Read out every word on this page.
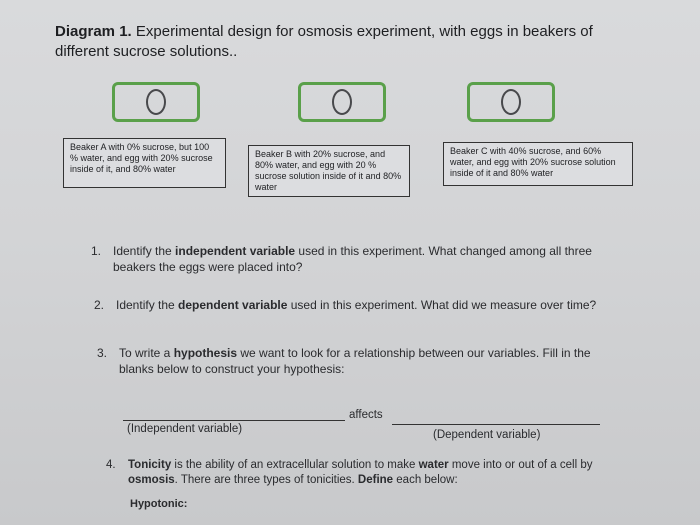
Diagram 1. Experimental design for osmosis experiment, with eggs in beakers of different sucrose solutions..
Beaker A with 0% sucrose, but 100 % water, and egg with 20% sucrose inside of it, and 80% water
Beaker B with 20% sucrose, and 80% water, and egg with 20 % sucrose solution inside of it and 80% water
Beaker C with 40% sucrose, and 60% water, and egg with 20% sucrose solution inside of it and 80% water
1. Identify the independent variable used in this experiment. What changed among all three beakers the eggs were placed into?
2. Identify the dependent variable used in this experiment. What did we measure over time?
3. To write a hypothesis we want to look for a relationship between our variables. Fill in the blanks below to construct your hypothesis:
affects
(Independent variable)	(Dependent variable)
4. Tonicity is the ability of an extracellular solution to make water move into or out of a cell by osmosis. There are three types of tonicities. Define each below:
Hypotonic:
